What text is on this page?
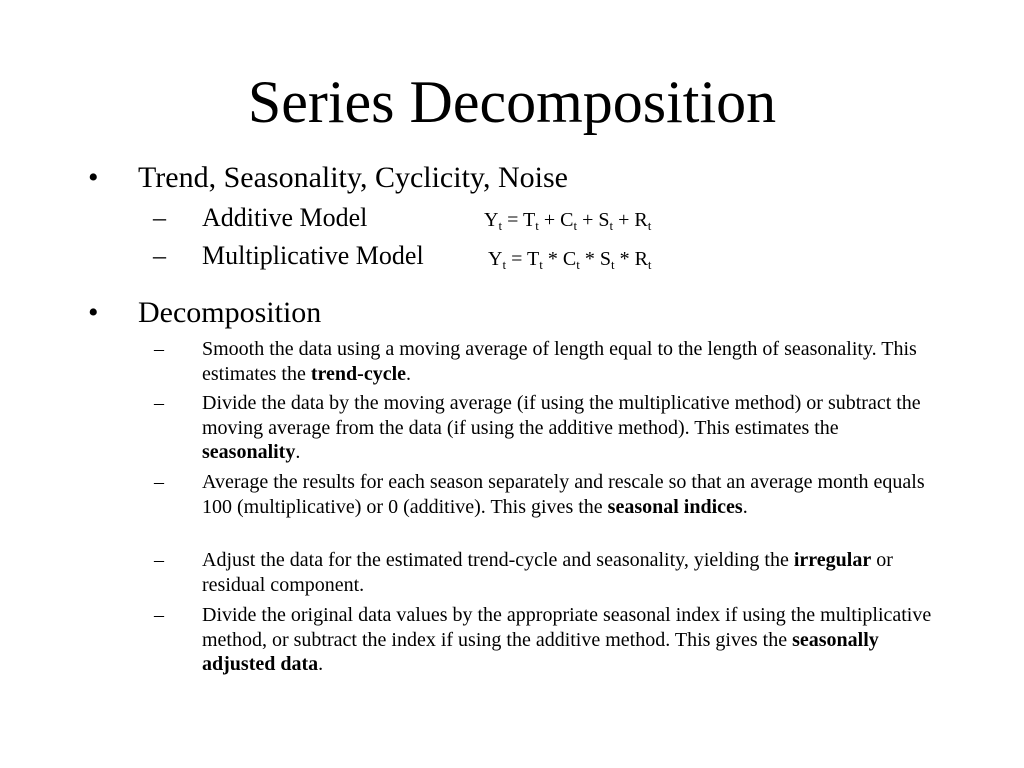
Series Decomposition
• Trend, Seasonality, Cyclicity, Noise
– Additive Model	$Y_t = T_t + C_t + S_t + R_t$
– Multiplicative Model	$Y_t = T_t * C_t * S_t * R_t$
• Decomposition
– Smooth the data using a moving average of length equal to the length of seasonality. This estimates the trend-cycle.
– Divide the data by the moving average (if using the multiplicative method) or subtract the moving average from the data (if using the additive method). This estimates the seasonality.
– Average the results for each season separately and rescale so that an average month equals 100 (multiplicative) or 0 (additive). This gives the seasonal indices.
– Adjust the data for the estimated trend-cycle and seasonality, yielding the irregular or residual component.
– Divide the original data values by the appropriate seasonal index if using the multiplicative method, or subtract the index if using the additive method. This gives the seasonally adjusted data.
